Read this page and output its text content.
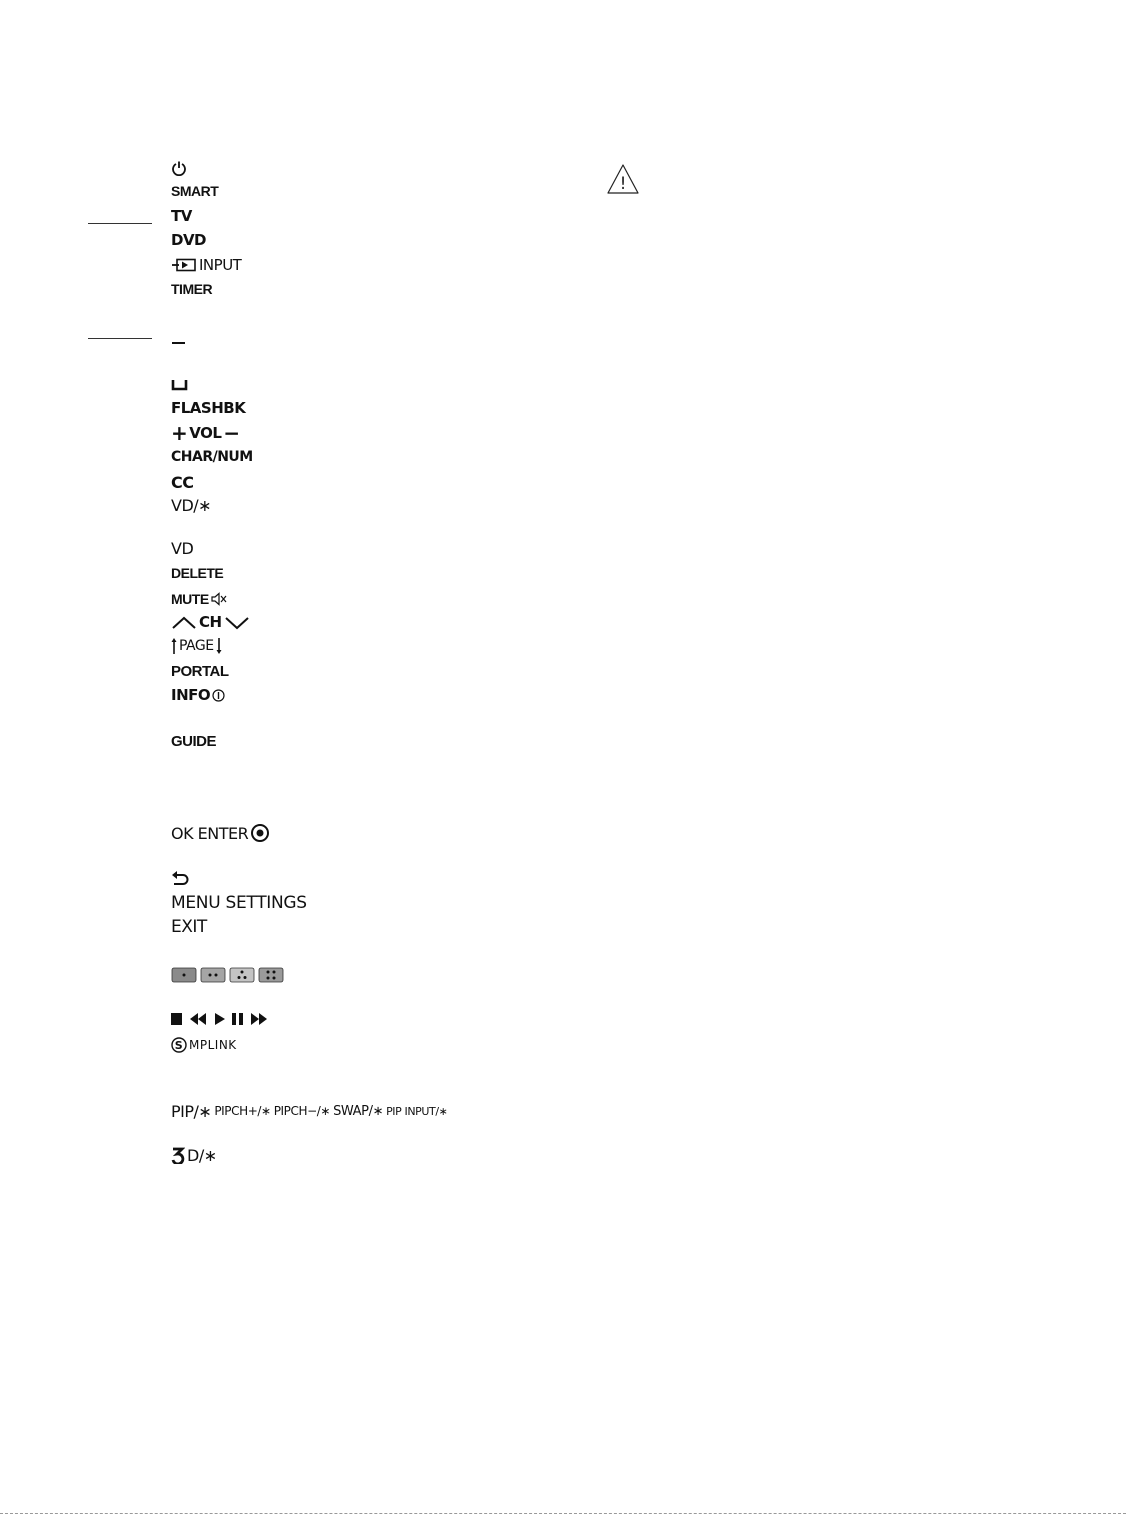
SMART
TV
DVD
INPUT
TIMER
FLASHBK
+ VOL −
CHAR/NUM
CC
VD/∗
VD
DELETE
MUTE
CH
PAGE
PORTAL
INFO
GUIDE
OK ENTER
MENU SETTINGS
EXIT
S MPLINK
PIP/∗ PIPCH+/∗ PIPCH−/∗ SWAP/∗ PIP INPUT/∗
D/∗
!
